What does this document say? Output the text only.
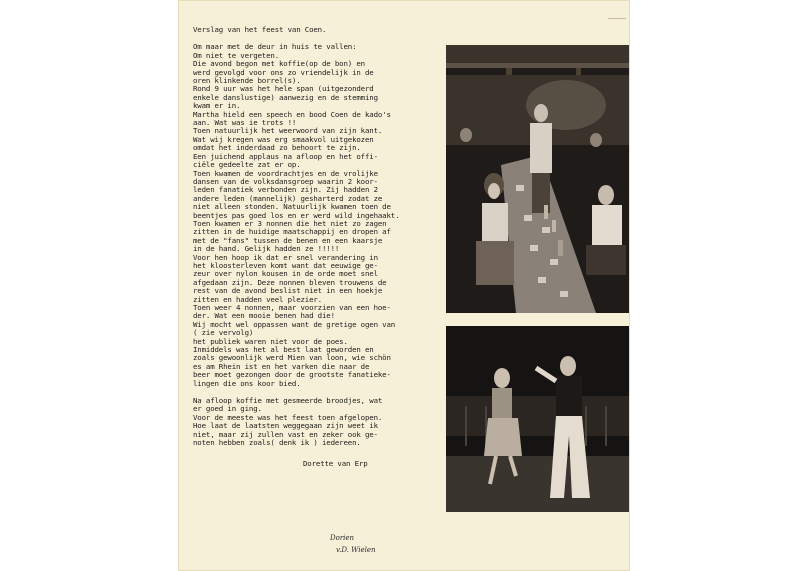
Verslag van het feest van Coen.
Om maar met de deur in huis te vallen:
Om niet te vergeten.
Die avond begon met koffie(op de bon) en
werd gevolgd voor ons zo vriendelijk in de
oren klinkende borrel(s).
Rond 9 uur was het hele span (uitgezonderd
enkele danslustige) aanwezig en de stemming
kwam er in.
Martha hield een speech en bood Coen de kado's
aan. Wat was ie trots !!
Toen natuurlijk het weerwoord van zijn kant.
Wat wij kregen was erg smaakvol uitgekozen
omdat het inderdaad zo behoort te zijn.
Een juichend applaus na afloop en het offi-
ciële gedeelte zat er op.
Toen kwamen de voordrachtjes en de vrolijke
dansen van de volksdansgroep waarin 2 koor-
leden fanatiek verbonden zijn. Zij hadden 2
andere leden (mannelijk) gesharterd zodat ze
niet alleen stonden. Natuurlijk kwamen toen de
beentjes pas goed los en er werd wild ingehaakt.
Toen kwamen er 3 nonnen die het niet zo zagen
zitten in de huidige maatschappij en dropen af
met de "fans" tussen de benen en een kaarsje
in de hand. Gelijk hadden ze !!!!!
Voor hen hoop ik dat er snel verandering in
het kloosterleven komt want dat eeuwige ge-
zeur over nylon kousen in de orde moet snel
afgedaan zijn. Deze nonnen bleven trouwens de
rest van de avond beslist niet in een hoekje
zitten en hadden veel plezier.
Toen weer 4 nonnen, maar voorzien van een hoe-
der. Wat een mooie benen had die!
Wij mocht wel oppassen want de gretige ogen van
( zie vervolg)
het publiek waren niet voor de poes.
Inmiddels was het al best laat geworden en
zoals gewoonlijk werd Mien van loon, wie schön
es am Rhein ist en het varken die naar de
beer moet gezongen door de grootste fanatieke-
lingen die ons koor bied.
Na afloop koffie met gesmeerde broodjes, wat
er goed in ging.
Voor de meeste was het feest toen afgelopen.
Hoe laat de laatsten weggegaan zijn weet ik
niet, maar zij zullen vast en zeker ook ge-
noten hebben zoals( denk ik ) iedereen.
Dorette van Erp
Dorien
v.D. Wielen
